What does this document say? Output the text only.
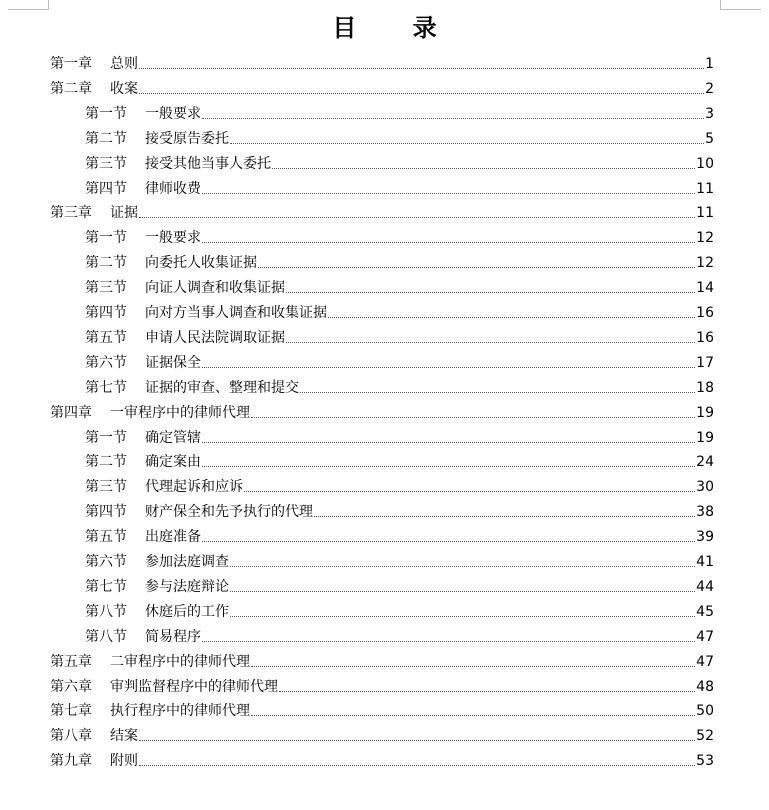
目 录
第一章 总则	1
第二章 收案	2
第一节 一般要求	3
第二节 接受原告委托	5
第三节 接受其他当事人委托	10
第四节 律师收费	11
第三章 证据	11
第一节 一般要求	12
第二节 向委托人收集证据	12
第三节 向证人调查和收集证据	14
第四节 向对方当事人调查和收集证据	16
第五节 申请人民法院调取证据	16
第六节 证据保全	17
第七节 证据的审查、整理和提交	18
第四章 一审程序中的律师代理	19
第一节 确定管辖	19
第二节 确定案由	24
第三节 代理起诉和应诉	30
第四节 财产保全和先予执行的代理	38
第五节 出庭准备	39
第六节 参加法庭调查	41
第七节 参与法庭辩论	44
第八节 休庭后的工作	45
第八节 简易程序	47
第五章 二审程序中的律师代理	47
第六章 审判监督程序中的律师代理	48
第七章 执行程序中的律师代理	50
第八章 结案	52
第九章 附则	53
